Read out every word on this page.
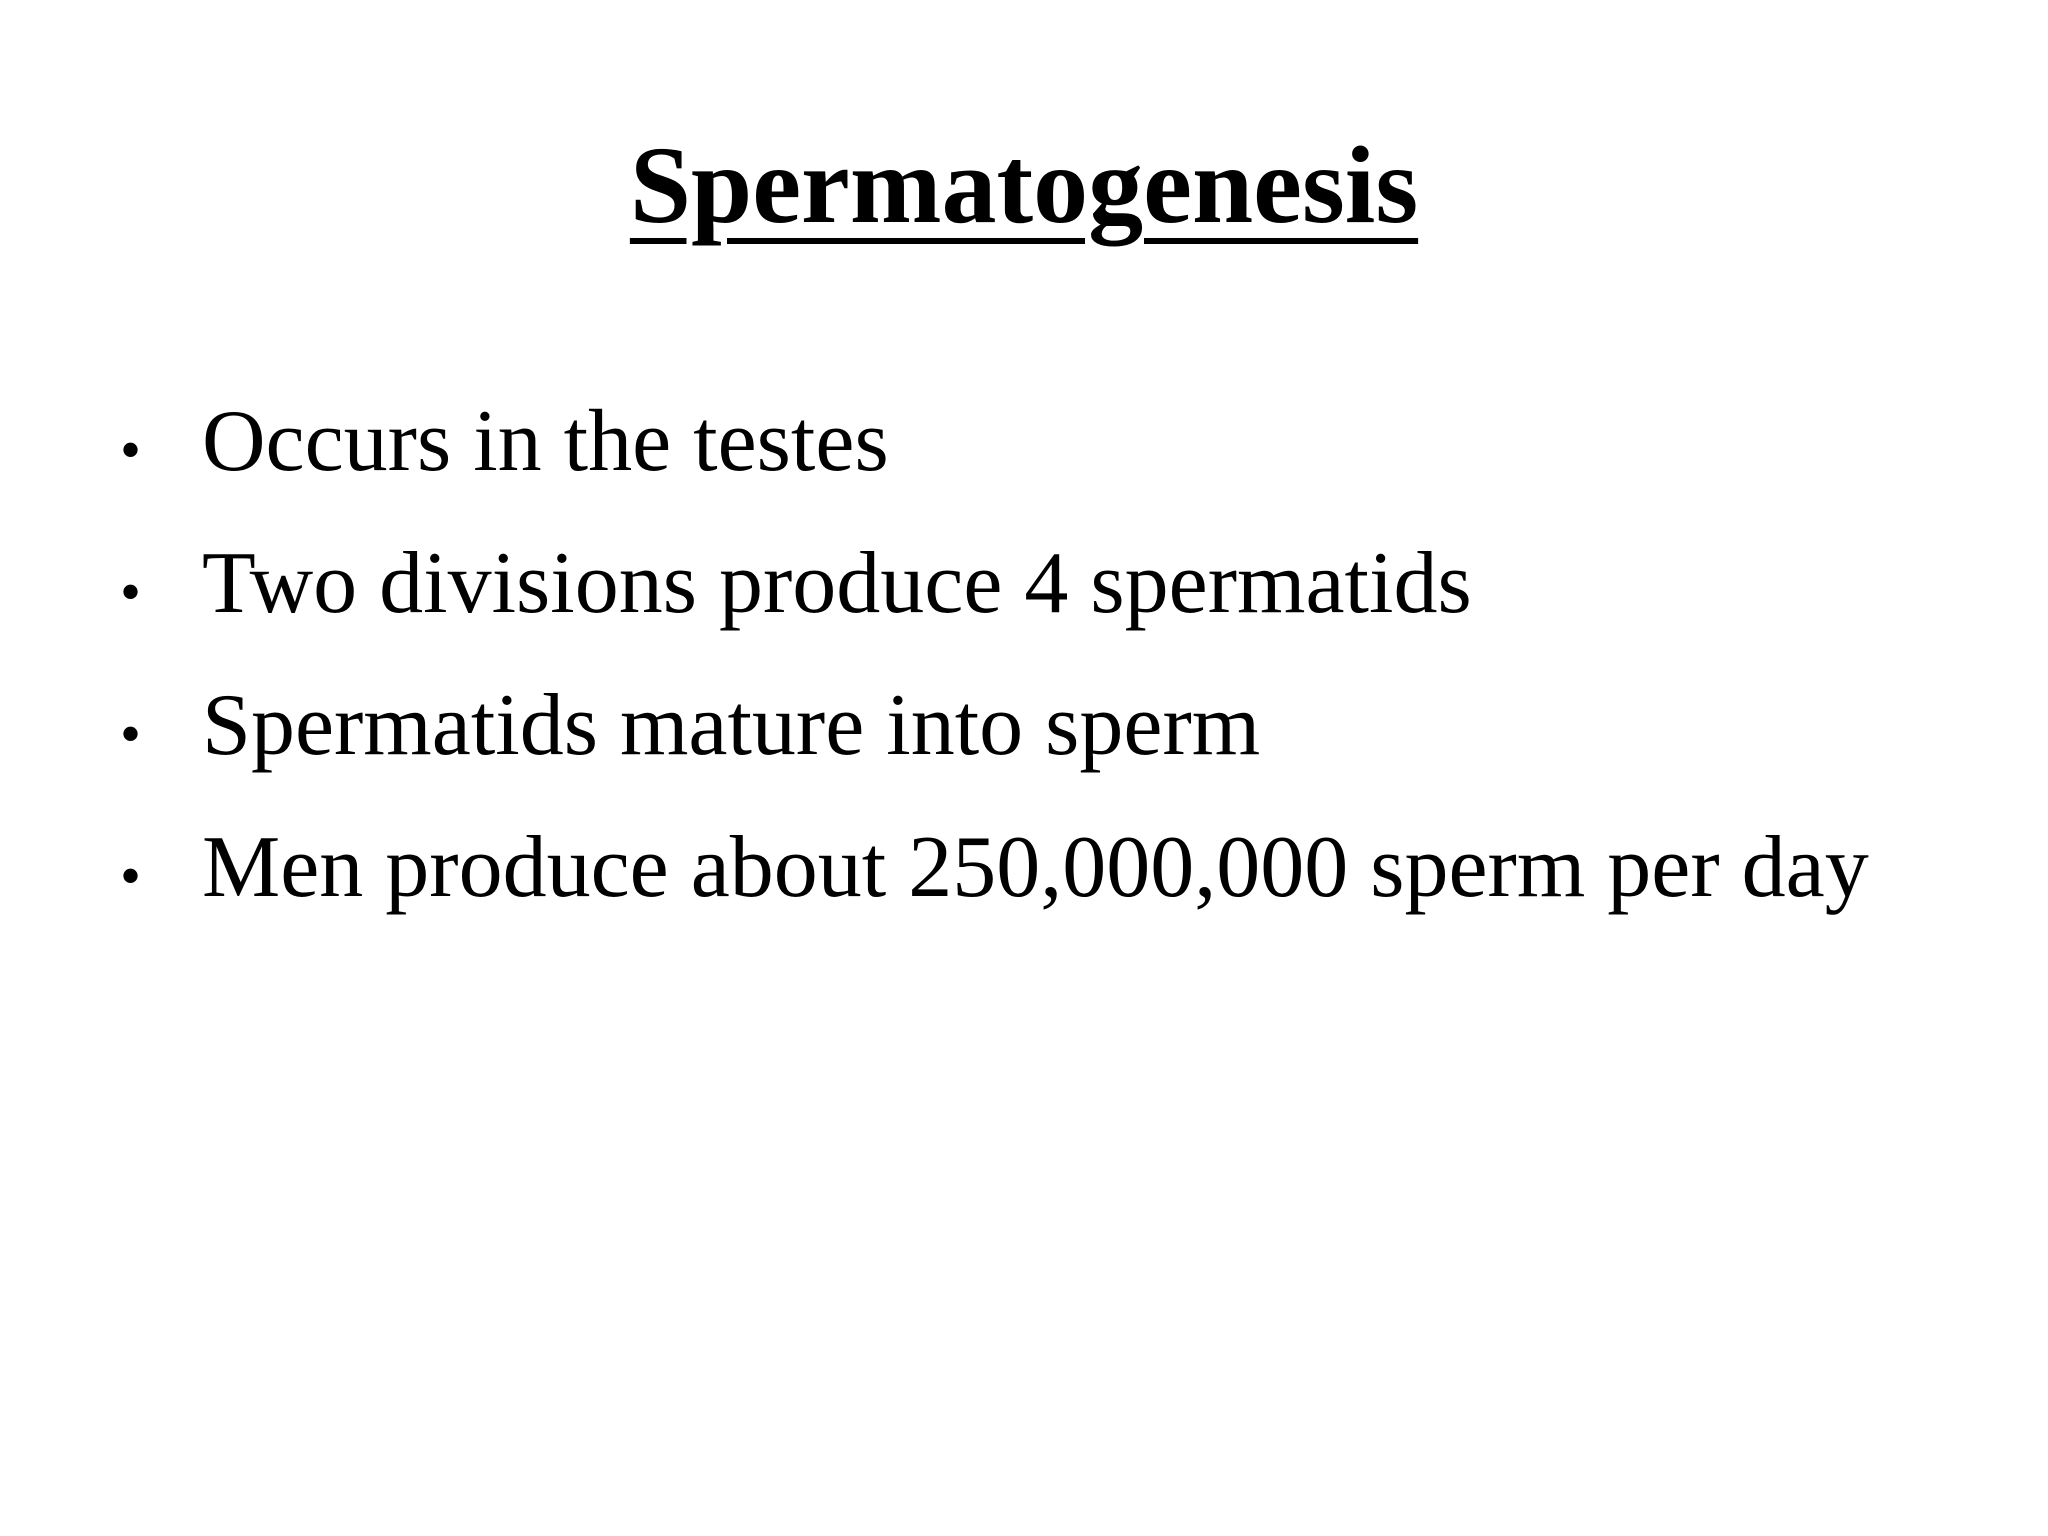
Spermatogenesis
• Occurs in the testes
• Two divisions produce 4 spermatids
• Spermatids mature into sperm
• Men produce about 250,000,000 sperm per day
